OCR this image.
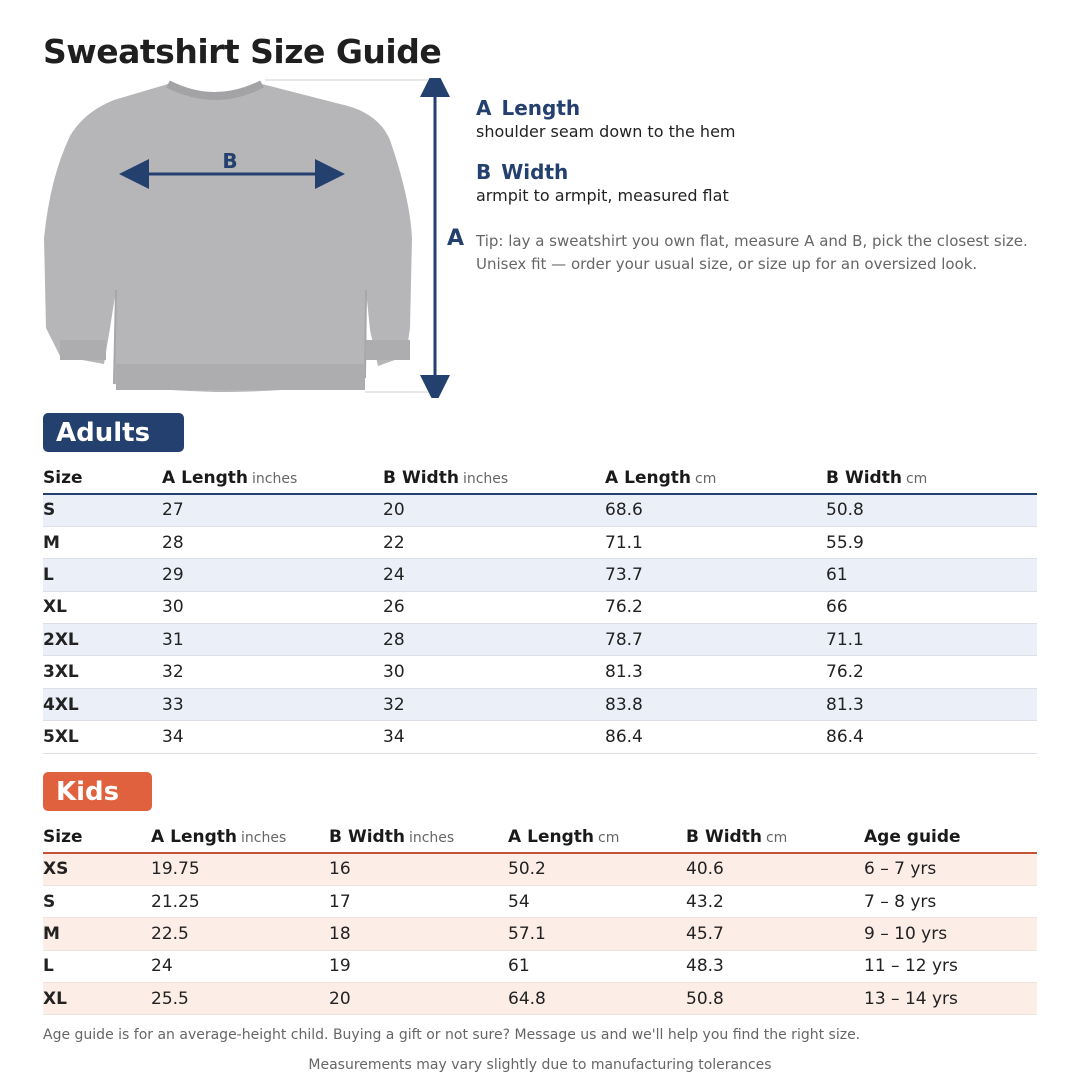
Sweatshirt Size Guide
B
A
A Length
shoulder seam down to the hem
B Width
armpit to armpit, measured flat
Tip: lay a sweatshirt you own flat, measure A and B, pick the closest size. Unisex fit — order your usual size, or size up for an oversized look.
Adults
Size	A Length inches	B Width inches	A Length cm	B Width cm
S	27	20	68.6	50.8
M	28	22	71.1	55.9
L	29	24	73.7	61
XL	30	26	76.2	66
2XL	31	28	78.7	71.1
3XL	32	30	81.3	76.2
4XL	33	32	83.8	81.3
5XL	34	34	86.4	86.4
Kids
Size	A Length inches	B Width inches	A Length cm	B Width cm	Age guide
XS	19.75	16	50.2	40.6	6 – 7 yrs
S	21.25	17	54	43.2	7 – 8 yrs
M	22.5	18	57.1	45.7	9 – 10 yrs
L	24	19	61	48.3	11 – 12 yrs
XL	25.5	20	64.8	50.8	13 – 14 yrs
Age guide is for an average-height child. Buying a gift or not sure? Message us and we'll help you find the right size.
Measurements may vary slightly due to manufacturing tolerances
